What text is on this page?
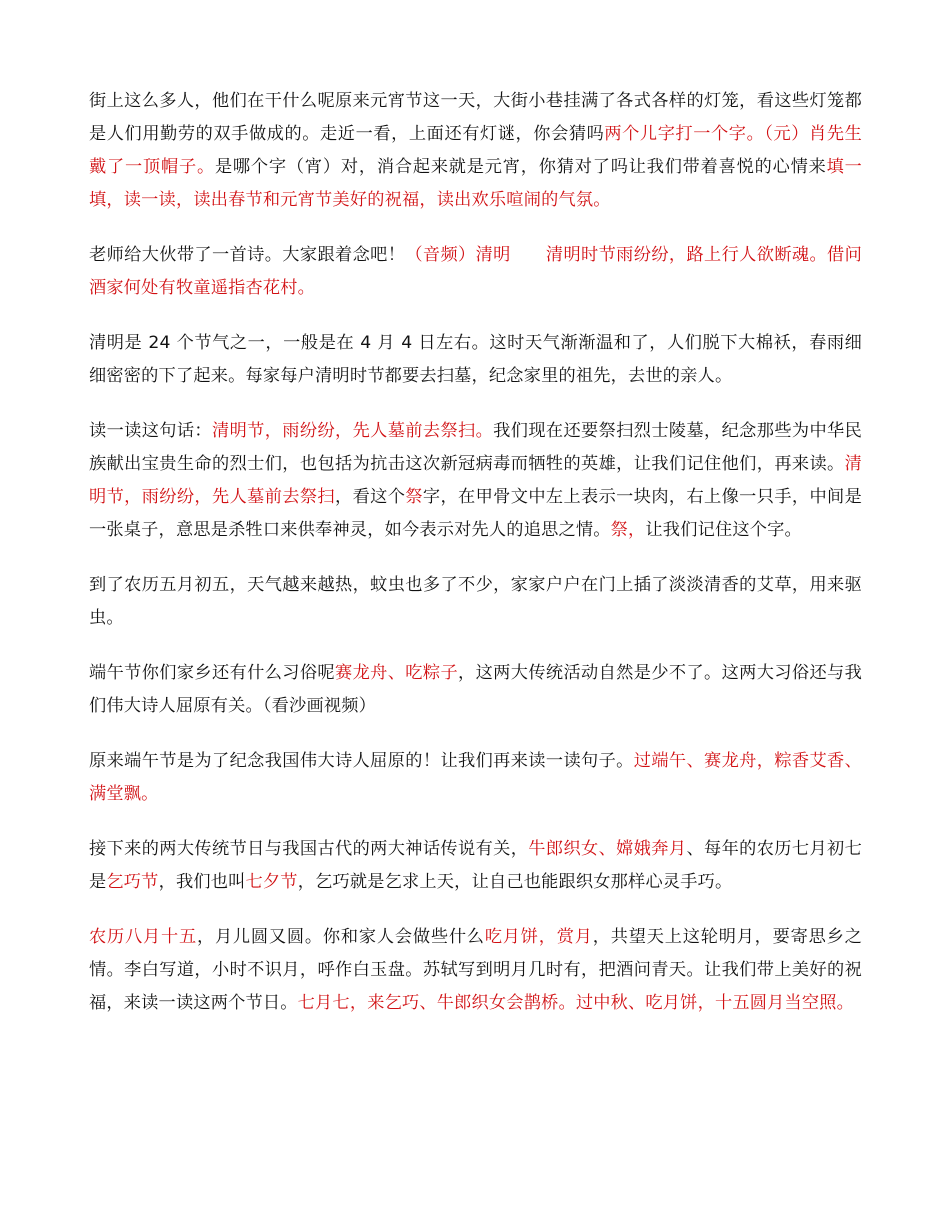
街上这么多人，他们在干什么呢原来元宵节这一天，大街小巷挂满了各式各样的灯笼，看这些灯笼都是人们用勤劳的双手做成的。走近一看，上面还有灯谜，你会猜吗两个儿字打一个字。（元）肖先生戴了一顶帽子。是哪个字（宵）对，消合起来就是元宵，你猜对了吗让我们带着喜悦的心情来填一填，读一读，读出春节和元宵节美好的祝福，读出欢乐喧闹的气氛。

老师给大伙带了一首诗。大家跟着念吧！（音频）清明　　清明时节雨纷纷，路上行人欲断魂。借问酒家何处有牧童遥指杏花村。

清明是 24 个节气之一，一般是在 4 月 4 日左右。这时天气渐渐温和了，人们脱下大棉袄，春雨细细密密的下了起来。每家每户清明时节都要去扫墓，纪念家里的祖先，去世的亲人。

读一读这句话：清明节，雨纷纷，先人墓前去祭扫。我们现在还要祭扫烈士陵墓，纪念那些为中华民族献出宝贵生命的烈士们，也包括为抗击这次新冠病毒而牺牲的英雄，让我们记住他们，再来读。清明节，雨纷纷，先人墓前去祭扫，看这个祭字，在甲骨文中左上表示一块肉，右上像一只手，中间是一张桌子，意思是杀牲口来供奉神灵，如今表示对先人的追思之情。祭，让我们记住这个字。

到了农历五月初五，天气越来越热，蚊虫也多了不少，家家户户在门上插了淡淡清香的艾草，用来驱虫。

端午节你们家乡还有什么习俗呢赛龙舟、吃粽子，这两大传统活动自然是少不了。这两大习俗还与我们伟大诗人屈原有关。（看沙画视频）

原来端午节是为了纪念我国伟大诗人屈原的！让我们再来读一读句子。过端午、赛龙舟，粽香艾香、满堂飘。

接下来的两大传统节日与我国古代的两大神话传说有关，牛郎织女、嫦娥奔月、每年的农历七月初七是乞巧节，我们也叫七夕节，乞巧就是乞求上天，让自己也能跟织女那样心灵手巧。

农历八月十五，月儿圆又圆。你和家人会做些什么吃月饼，赏月，共望天上这轮明月，要寄思乡之情。李白写道，小时不识月，呼作白玉盘。苏轼写到明月几时有，把酒问青天。让我们带上美好的祝福，来读一读这两个节日。七月七，来乞巧、牛郎织女会鹊桥。过中秋、吃月饼，十五圆月当空照。
